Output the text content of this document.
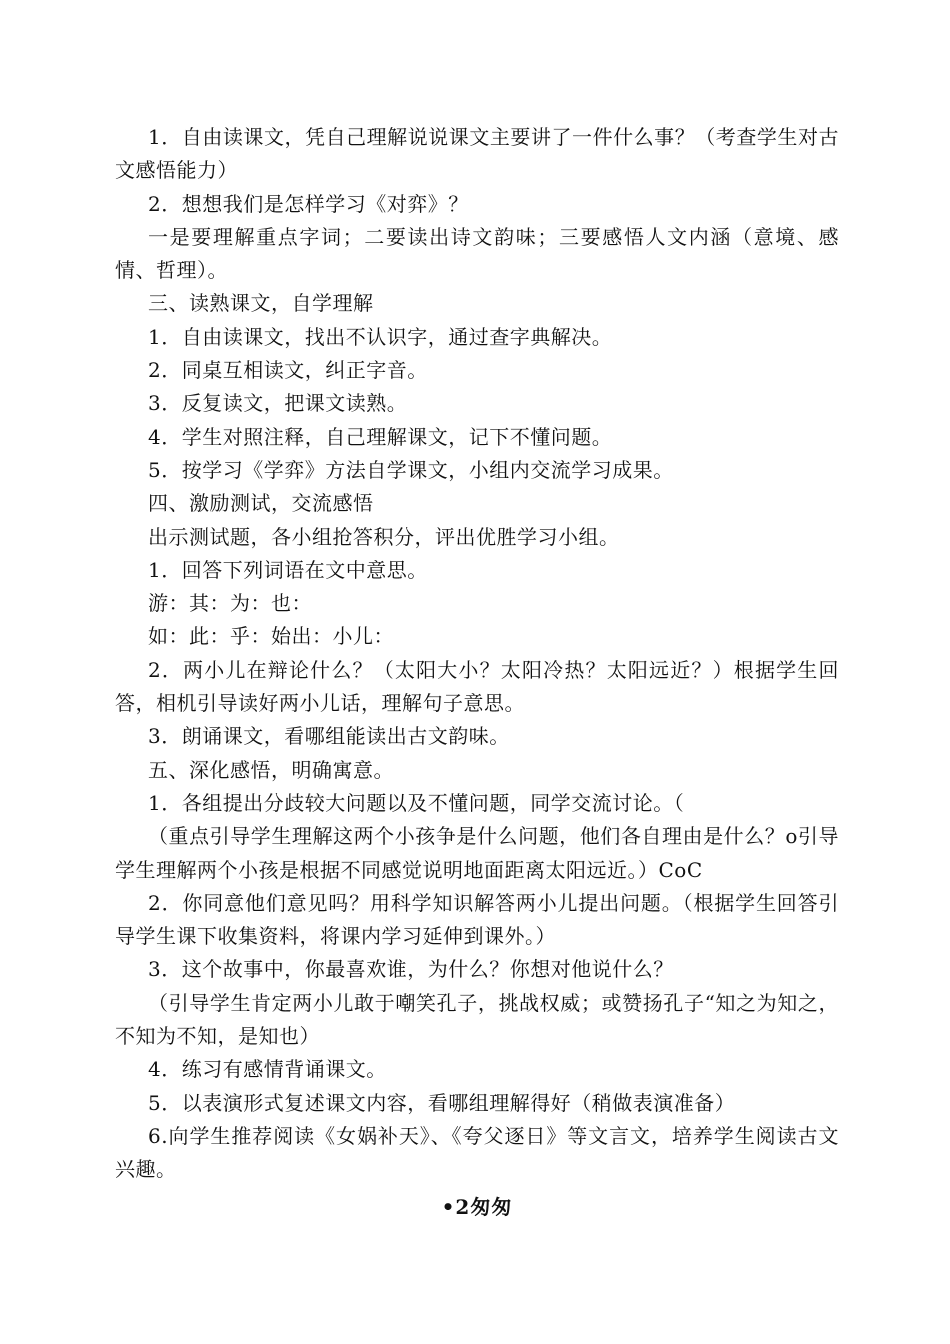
1．自由读课文，凭自己理解说说课文主要讲了一件什么事？（考查学生对古文感悟能力）

2．想想我们是怎样学习《对弈》？

一是要理解重点字词；二要读出诗文韵味；三要感悟人文内涵（意境、感情、哲理）。

三、读熟课文，自学理解

1．自由读课文，找出不认识字，通过查字典解决。

2．同桌互相读文，纠正字音。

3．反复读文，把课文读熟。

4．学生对照注释，自己理解课文，记下不懂问题。

5．按学习《学弈》方法自学课文，小组内交流学习成果。

四、激励测试，交流感悟

出示测试题，各小组抢答积分，评出优胜学习小组。

1．回答下列词语在文中意思。

游：其：为：也：

如：此：乎：始出：小儿：

2．两小儿在辩论什么？（太阳大小？太阳冷热？太阳远近？）根据学生回答，相机引导读好两小儿话，理解句子意思。

3．朗诵课文，看哪组能读出古文韵味。

五、深化感悟，明确寓意。

1．各组提出分歧较大问题以及不懂问题，同学交流讨论。（

（重点引导学生理解这两个小孩争是什么问题，他们各自理由是什么？o引导学生理解两个小孩是根据不同感觉说明地面距离太阳远近。）CoC

2．你同意他们意见吗？用科学知识解答两小儿提出问题。（根据学生回答引导学生课下收集资料，将课内学习延伸到课外。）

3．这个故事中，你最喜欢谁，为什么？你想对他说什么？

（引导学生肯定两小儿敢于嘲笑孔子，挑战权威；或赞扬孔子“知之为知之，不知为不知，是知也）

4．练习有感情背诵课文。

5．以表演形式复述课文内容，看哪组理解得好（稍做表演准备）

6.向学生推荐阅读《女娲补天》、《夸父逐日》等文言文，培养学生阅读古文兴趣。

•2匆匆
